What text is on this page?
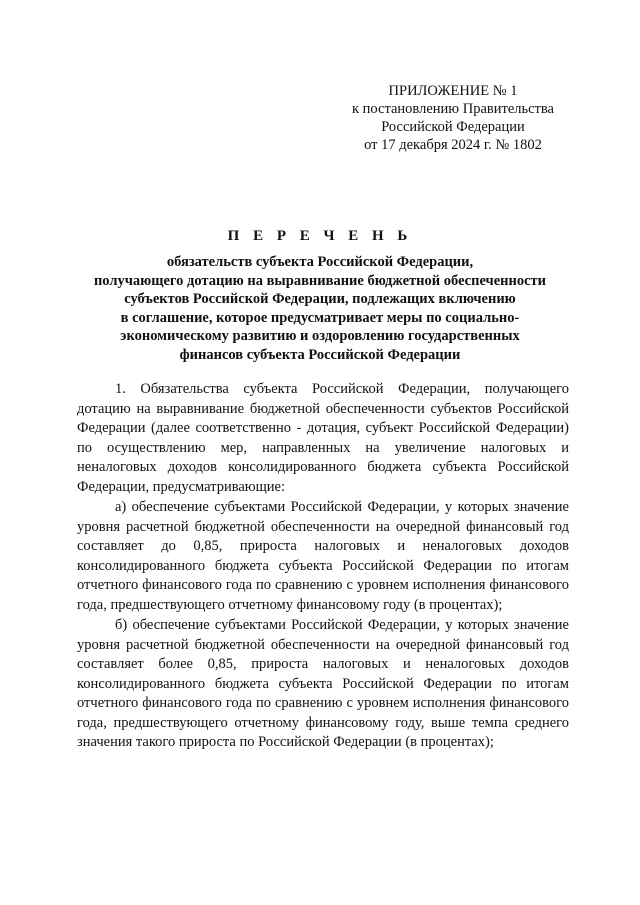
ПРИЛОЖЕНИЕ № 1
к постановлению Правительства
Российской Федерации
от 17 декабря 2024 г. № 1802
П Е Р Е Ч Е Н Ь
обязательств субъекта Российской Федерации,
получающего дотацию на выравнивание бюджетной обеспеченности
субъектов Российской Федерации, подлежащих включению
в соглашение, которое предусматривает меры по социально-
экономическому развитию и оздоровлению государственных
финансов субъекта Российской Федерации

1. Обязательства субъекта Российской Федерации, получающего дотацию на выравнивание бюджетной обеспеченности субъектов Российской Федерации (далее соответственно - дотация, субъект Российской Федерации) по осуществлению мер, направленных на увеличение налоговых и неналоговых доходов консолидированного бюджета субъекта Российской Федерации, предусматривающие:

а) обеспечение субъектами Российской Федерации, у которых значение уровня расчетной бюджетной обеспеченности на очередной финансовый год составляет до 0,85, прироста налоговых и неналоговых доходов консолидированного бюджета субъекта Российской Федерации по итогам отчетного финансового года по сравнению с уровнем исполнения финансового года, предшествующего отчетному финансовому году (в процентах);

б) обеспечение субъектами Российской Федерации, у которых значение уровня расчетной бюджетной обеспеченности на очередной финансовый год составляет более 0,85, прироста налоговых и неналоговых доходов консолидированного бюджета субъекта Российской Федерации по итогам отчетного финансового года по сравнению с уровнем исполнения финансового года, предшествующего отчетному финансовому году, выше темпа среднего значения такого прироста по Российской Федерации (в процентах);
